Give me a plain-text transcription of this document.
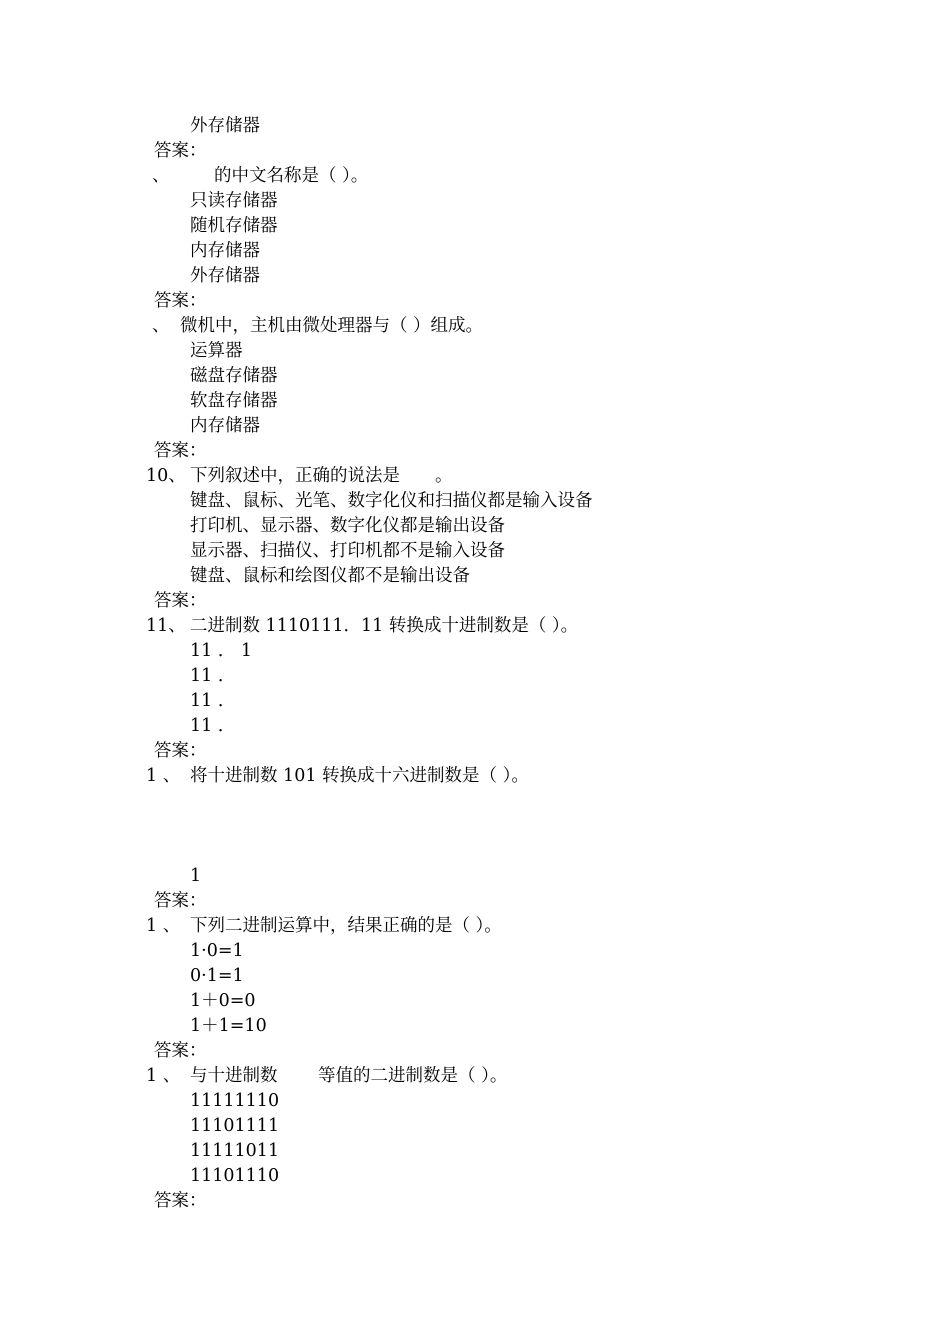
外存储器
答案：
、	的中文名称是（ ）。
只读存储器
随机存储器
内存储器
外存储器
答案：
、 微机中，主机由微处理器与（ ）组成。
运算器
磁盘存储器
软盘存储器
内存储器
答案：
10、 下列叙述中，正确的说法是　　。
键盘、鼠标、光笔、数字化仪和扫描仪都是输入设备
打印机、显示器、数字化仪都是输出设备
显示器、扫描仪、打印机都不是输入设备
键盘、鼠标和绘图仪都不是输出设备
答案：
11、 二进制数 1110111．11 转换成十进制数是（ ）。
11 ． 1
11 ．
11 ．
11 ．
答案：
1 、 将十进制数 101 转换成十六进制数是（ ）。
1
答案：
1 、 下列二进制运算中，结果正确的是（ ）。
1·0=1
0·1=1
1＋0=0
1＋1=10
答案：
1 、 与十进制数　　 等值的二进制数是（ ）。
11111110
11101111
11111011
11101110
答案：
